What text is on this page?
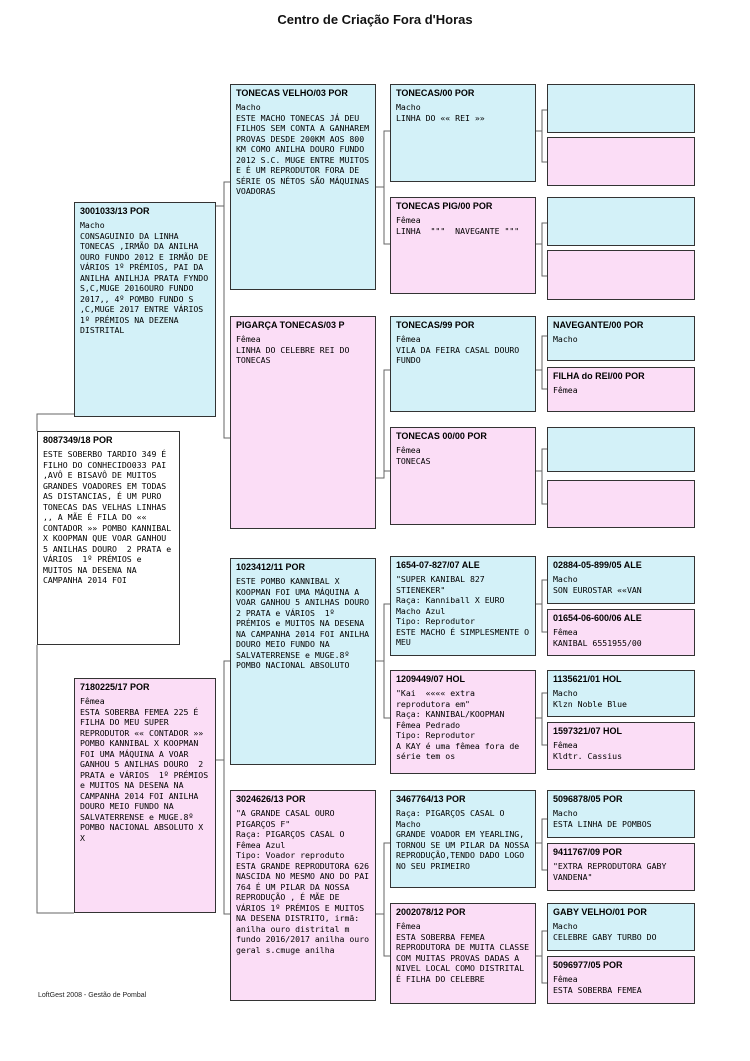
Centro de Criação Fora d'Horas
8087349/18 POR
ESTE SOBERBO TARDIO 349 É FILHO DO CONHECIDO033 PAI ,AVÔ E BISAVÔ DE MUITOS GRANDES VOADORES EM TODAS AS DISTANCIAS, É UM PURO TONECAS DAS VELHAS LINHAS ,, A MÃE É FILA DO «« CONTADOR »» POMBO KANNIBAL X KOOPMAN QUE VOAR GANHOU 5 ANILHAS DOURO  2 PRATA e VÁRIOS  1º PRÉMIOS e MUITOS NA DESENA NA CAMPANHA 2014 FOI
3001033/13 POR
Macho
CONSAGUINIO DA LINHA TONECAS ,IRMÃO DA ANILHA OURO FUNDO 2012 E IRMÃO DE VÁRIOS 1º PRÉMIOS, PAI DA ANILHA ANILHJA PRATA FYNDO S,C,MUGE 2016OURO FUNDO 2017,, 4º POMBO FUNDO S ,C,MUGE 2017 ENTRE VÁRIOS 1º PRÉMIOS NA DEZENA DISTRITAL
7180225/17 POR
Fêmea
ESTA SOBERBA FEMEA 225 É FILHA DO MEU SUPER REPRODUTOR «« CONTADOR »» POMBO KANNIBAL X KOOPMAN FOI UMA MÁQUINA A VOAR GANHOU 5 ANILHAS DOURO  2 PRATA e VÁRIOS  1º PRÉMIOS e MUITOS NA DESENA NA CAMPANHA 2014 FOI ANILHA DOURO MEIO FUNDO NA SALVATERRENSE e MUGE.8º POMBO NACIONAL ABSOLUTO X X
TONECAS VELHO/03 POR
Macho
ESTE MACHO TONECAS JÁ DEU FILHOS SEM CONTA A GANHAREM PROVAS DESDE 200KM AOS 800 KM COMO ANILHA DOURO FUNDO 2012 S.C. MUGE ENTRE MUITOS E É UM REPRODUTOR FORA DE SÉRIE OS NÉTOS SÃO MÁQUINAS VOADORAS
PIGARÇA TONECAS/03 P
Fêmea
LINHA DO CELEBRE REI DO TONECAS
1023412/11 POR
ESTE POMBO KANNIBAL X KOOPMAN FOI UMA MÁQUINA A VOAR GANHOU 5 ANILHAS DOURO  2 PRATA e VÁRIOS  1º PRÉMIOS e MUITOS NA DESENA NA CAMPANHA 2014 FOI ANILHA DOURO MEIO FUNDO NA SALVATERRENSE e MUGE.8º POMBO NACIONAL ABSOLUTO
3024626/13 POR
"A GRANDE CASAL OURO PIGARÇOS F"
Raça: PIGARÇOS CASAL O
Fêmea Azul
Tipo: Voador reproduto
ESTA GRANDE REPRODUTORA 626 NASCIDA NO MESMO ANO DO PAI 764 É UM PILAR DA NOSSA REPRODUÇÃO , É MÃE DE VÁRIOS 1º PRÉMIOS E MUITOS NA DESENA DISTRITO, irmã: anilha ouro distrital m fundo 2016/2017 anilha ouro geral s.cmuge anilha
TONECAS/00 POR
Macho
LINHA DO «« REI »»
TONECAS PIG/00 POR
Fêmea
LINHA  """  NAVEGANTE """
TONECAS/99 POR
Fêmea
VILA DA FEIRA CASAL DOURO FUNDO
TONECAS 00/00 POR
Fêmea
TONECAS
1654-07-827/07 ALE
"SUPER KANIBAL 827 STIENEKER"
Raça: Kanniball X EURO
Macho Azul
Tipo: Reprodutor
ESTE MACHO É SIMPLESMENTE O MEU
1209449/07 HOL
"Kai  «««« extra reprodutora em"
Raça: KANNIBAL/KOOPMAN
Fêmea Pedrado
Tipo: Reprodutor
A KAY é uma fêmea fora de série tem os
3467764/13 POR
Raça: PIGARÇOS CASAL O
Macho
GRANDE VOADOR EM YEARLING, TORNOU SE UM PILAR DA NOSSA REPRODUÇÃO,TENDO DADO LOGO NO SEU PRIMEIRO
2002078/12 POR
Fêmea
ESTA SOBERBA FEMEA REPRODUTORA DE MUITA CLASSE COM MUITAS PROVAS DADAS A NIVEL LOCAL COMO DISTRITAL É FILHA DO CELEBRE
NAVEGANTE/00 POR
Macho
FILHA do REI/00 POR
Fêmea
02884-05-899/05 ALE
Macho
SON EUROSTAR ««VAN
01654-06-600/06 ALE
Fêmea
KANIBAL 6551955/00
1135621/01 HOL
Macho
Klzn Noble Blue
1597321/07 HOL
Fêmea
Kldtr. Cassius
5096878/05 POR
Macho
ESTA LINHA DE POMBOS
9411767/09 POR
"EXTRA REPRODUTORA GABY VANDENA"
GABY VELHO/01 POR
Macho
CELEBRE GABY TURBO DO
5096977/05 POR
Fêmea
ESTA SOBERBA FEMEA
LoftGest 2008 - Gestão de Pombal
